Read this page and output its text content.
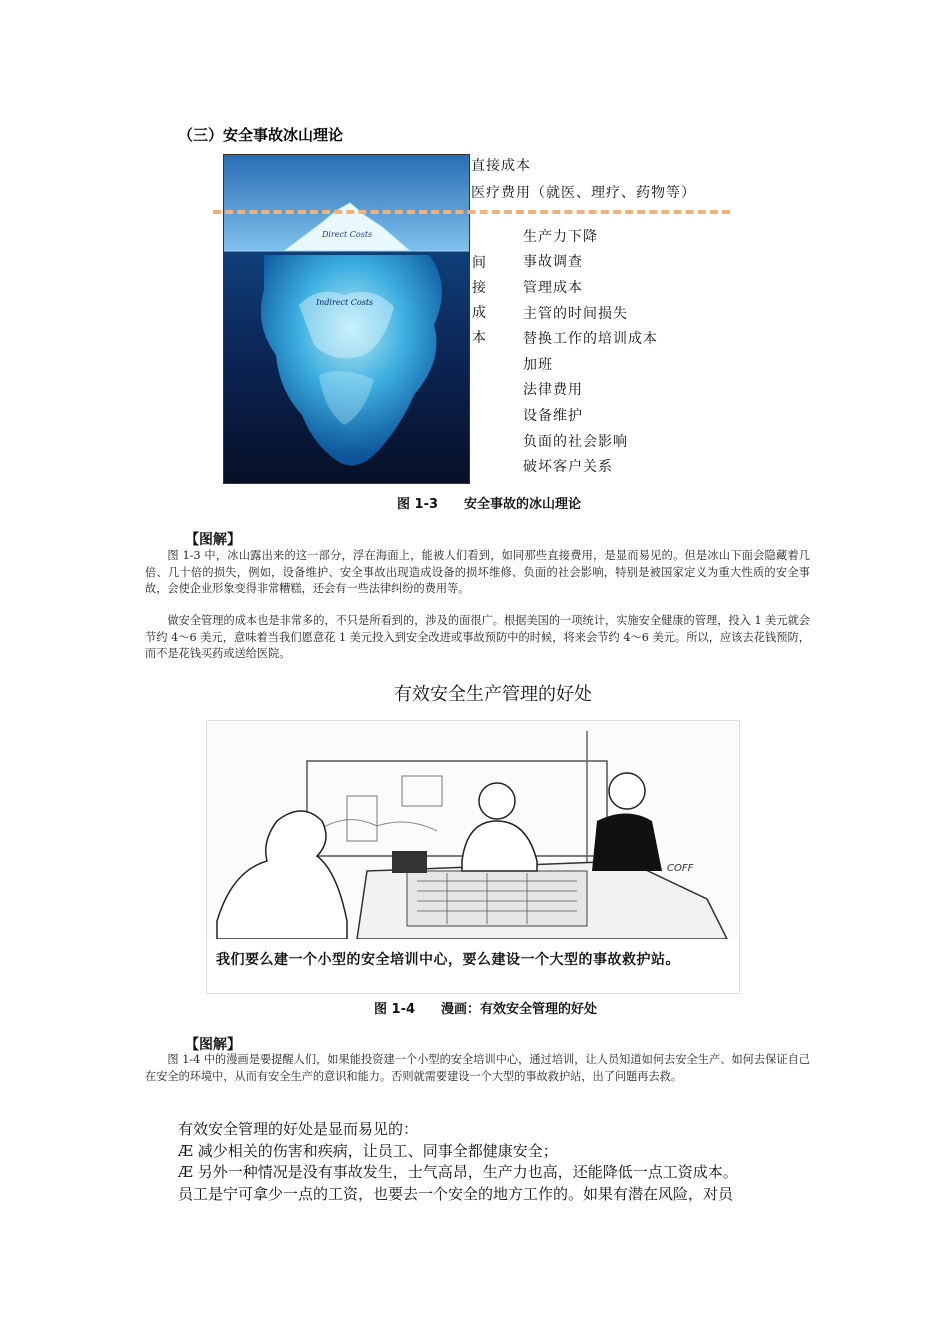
（三）安全事故冰山理论
Direct Costs
Indirect Costs
直接成本
医疗费用（就医、理疗、药物等）
间
接
成
本
生产力下降
事故调查
管理成本
主管的时间损失
替换工作的培训成本
加班
法律费用
设备维护
负面的社会影响
破坏客户关系
图 1-3 安全事故的冰山理论
【图解】
图 1-3 中，冰山露出来的这一部分，浮在海面上，能被人们看到，如同那些直接费用，是显而易见的。但是冰山下面会隐藏着几倍、几十倍的损失，例如，设备维护、安全事故出现造成设备的损坏维修、负面的社会影响，特别是被国家定义为重大性质的安全事故，会使企业形象变得非常糟糕，还会有一些法律纠纷的费用等。
做安全管理的成本也是非常多的，不只是所看到的，涉及的面很广。根据美国的一项统计，实施安全健康的管理，投入 1 美元就会节约 4～6 美元，意味着当我们愿意花 1 美元投入到安全改进或事故预防中的时候，将来会节约 4～6 美元。所以，应该去花钱预防，而不是花钱买药或送给医院。
有效安全生产管理的好处
COFF
我们要么建一个小型的安全培训中心，要么建设一个大型的事故救护站。
图 1-4 漫画：有效安全管理的好处
【图解】
图 1-4 中的漫画是要提醒人们，如果能投资建一个小型的安全培训中心，通过培训，让人员知道如何去安全生产、如何去保证自己在安全的环境中，从而有安全生产的意识和能力。否则就需要建设一个大型的事故救护站，出了问题再去救。
有效安全管理的好处是显而易见的：
Æ 减少相关的伤害和疾病，让员工、同事全都健康安全；
Æ 另外一种情况是没有事故发生，士气高昂，生产力也高，还能降低一点工资成本。
员工是宁可拿少一点的工资，也要去一个安全的地方工作的。如果有潜在风险，对员
